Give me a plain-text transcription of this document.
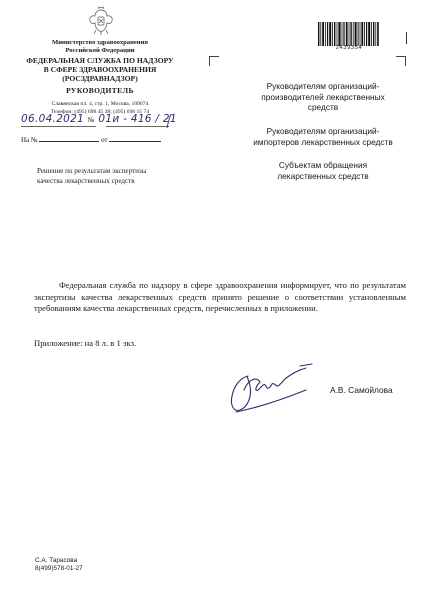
Министерство здравоохранения
Российской Федерации
ФЕДЕРАЛЬНАЯ СЛУЖБА ПО НАДЗОРУ
В СФЕРЕ ЗДРАВООХРАНЕНИЯ
(РОСЗДРАВНАДЗОР)
РУКОВОДИТЕЛЬ
Славянская пл. 4, стр. 1, Москва, 109074
Телефон: (495) 698 45 38; (495) 698 15 74
06.04.2021 № 01и - 416 / 21
На №	от
Решение по результатам экспертизы
качества лекарственных средств
Руководителям организаций-
производителей лекарственных
средств
Руководителям организаций-
импортеров лекарственных средств
Субъектам обращения
лекарственных средств
2439354
Федеральная служба по надзору в сфере здравоохранения информирует, что по результатам экспертизы качества лекарственных средств принято решение о соответствии установленным требованиям качества лекарственных средств, перечисленных в приложении.
Приложение: на 8 л. в 1 экз.
А.В. Самойлова
С.А. Тарасова
8(499)578-01-27
